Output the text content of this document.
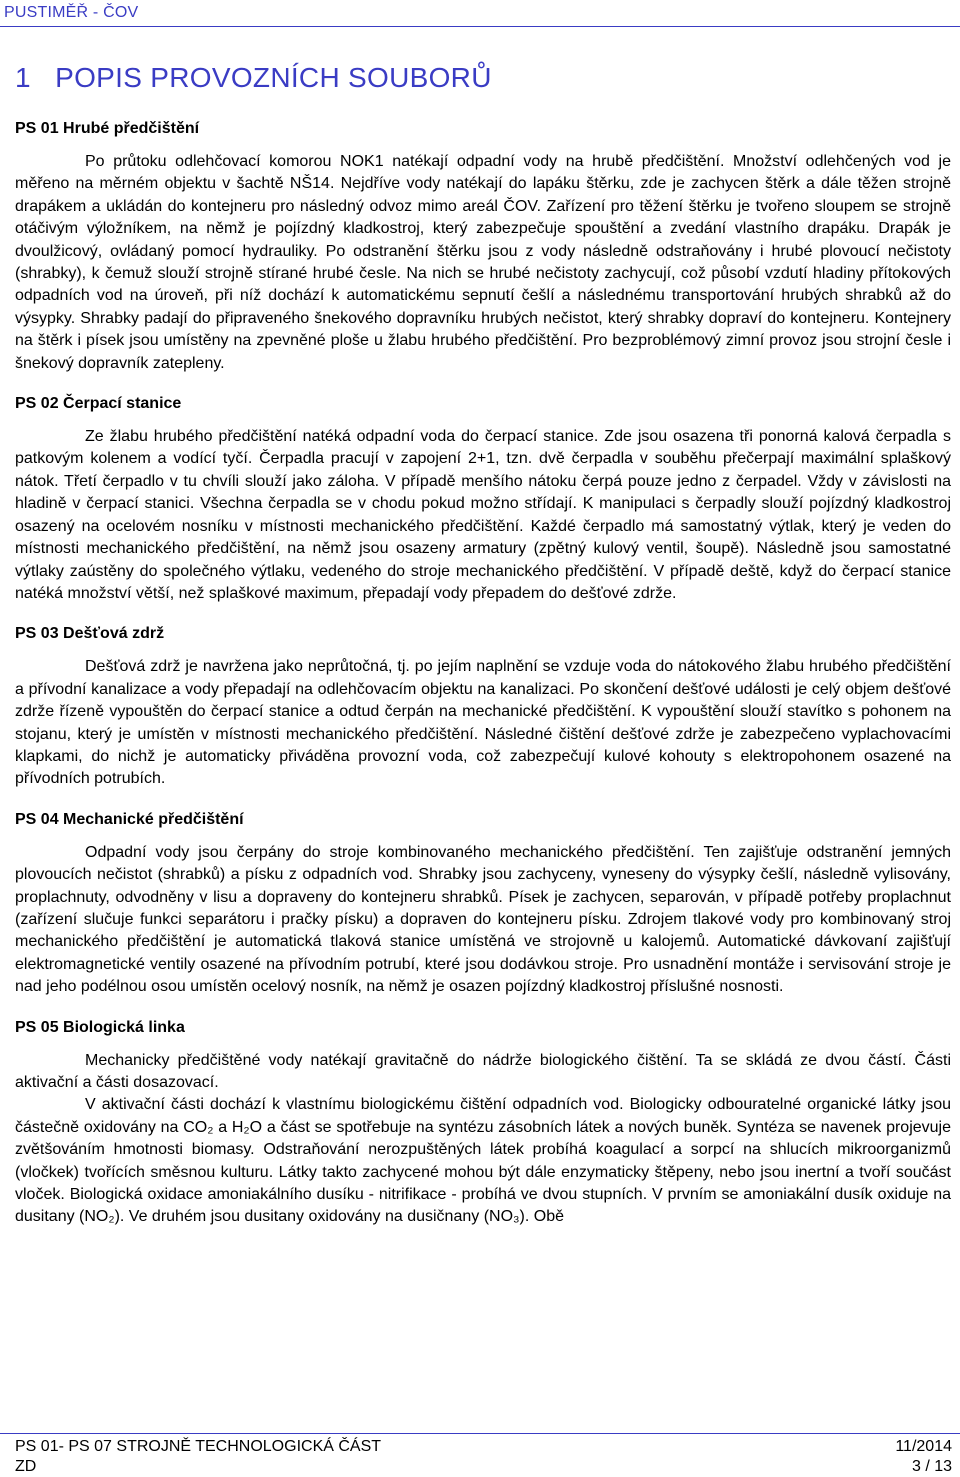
PUSTIMĚŘ - ČOV
1 POPIS PROVOZNÍCH SOUBORŮ
PS 01 Hrubé předčištění

Po průtoku odlehčovací komorou NOK1 natékají odpadní vody na hrubě předčištění. Množství odlehčených vod je měřeno na měrném objektu v šachtě NŠ14. Nejdříve vody natékají do lapáku štěrku, zde je zachycen štěrk a dále těžen strojně drapákem a ukládán do kontejneru pro následný odvoz mimo areál ČOV. Zařízení pro těžení štěrku je tvořeno sloupem se strojně otáčivým výložníkem, na němž je pojízdný kladkostroj, který zabezpečuje spouštění a zvedání vlastního drapáku. Drapák je dvoulžicový, ovládaný pomocí hydrauliky. Po odstranění štěrku jsou z vody následně odstraňovány i hrubé plovoucí nečistoty (shrabky), k čemuž slouží strojně stírané hrubé česle. Na nich se hrubé nečistoty zachycují, což působí vzdutí hladiny přítokových odpadních vod na úroveň, při níž dochází k automatickému sepnutí češlí a následnému transportování hrubých shrabků až do výsypky. Shrabky padají do připraveného šnekového dopravníku hrubých nečistot, který shrabky dopraví do kontejneru. Kontejnery na štěrk i písek jsou umístěny na zpevněné ploše u žlabu hrubého předčištění. Pro bezproblémový zimní provoz jsou strojní česle i šnekový dopravník zatepleny.

PS 02 Čerpací stanice

Ze žlabu hrubého předčištění natéká odpadní voda do čerpací stanice. Zde jsou osazena tři ponorná kalová čerpadla s patkovým kolenem a vodící tyčí. Čerpadla pracují v zapojení 2+1, tzn. dvě čerpadla v souběhu přečerpají maximální splaškový nátok. Třetí čerpadlo v tu chvíli slouží jako záloha. V případě menšího nátoku čerpá pouze jedno z čerpadel. Vždy v závislosti na hladině v čerpací stanici. Všechna čerpadla se v chodu pokud možno střídají. K manipulaci s čerpadly slouží pojízdný kladkostroj osazený na ocelovém nosníku v místnosti mechanického předčištění. Každé čerpadlo má samostatný výtlak, který je veden do místnosti mechanického předčištění, na němž jsou osazeny armatury (zpětný kulový ventil, šoupě). Následně jsou samostatné výtlaky zaústěny do společného výtlaku, vedeného do stroje mechanického předčištění. V případě deště, když do čerpací stanice natéká množství větší, než splaškové maximum, přepadají vody přepadem do dešťové zdrže.

PS 03 Dešťová zdrž

Dešťová zdrž je navržena jako neprůtočná, tj. po jejím naplnění se vzduje voda do nátokového žlabu hrubého předčištění a přívodní kanalizace a vody přepadají na odlehčovacím objektu na kanalizaci. Po skončení dešťové události je celý objem dešťové zdrže řízeně vypouštěn do čerpací stanice a odtud čerpán na mechanické předčištění. K vypouštění slouží stavítko s pohonem na stojanu, který je umístěn v místnosti mechanického předčištění. Následné čištění dešťové zdrže je zabezpečeno vyplachovacími klapkami, do nichž je automaticky přiváděna provozní voda, což zabezpečují kulové kohouty s elektropohonem osazené na přívodních potrubích.

PS 04 Mechanické předčištění

Odpadní vody jsou čerpány do stroje kombinovaného mechanického předčištění. Ten zajišťuje odstranění jemných plovoucích nečistot (shrabků) a písku z odpadních vod. Shrabky jsou zachyceny, vyneseny do výsypky češlí, následně vylisovány, proplachnuty, odvodněny v lisu a dopraveny do kontejneru shrabků. Písek je zachycen, separován, v případě potřeby proplachnut (zařízení slučuje funkci separátoru i pračky písku) a dopraven do kontejneru písku. Zdrojem tlakové vody pro kombinovaný stroj mechanického předčištění je automatická tlaková stanice umístěná ve strojovně u kalojemů. Automatické dávkovaní zajišťují elektromagnetické ventily osazené na přívodním potrubí, které jsou dodávkou stroje. Pro usnadnění montáže i servisování stroje je nad jeho podélnou osou umístěn ocelový nosník, na němž je osazen pojízdný kladkostroj příslušné nosnosti.

PS 05 Biologická linka

Mechanicky předčištěné vody natékají gravitačně do nádrže biologického čištění. Ta se skládá ze dvou částí. Části aktivační a části dosazovací.

V aktivační části dochází k vlastnímu biologickému čištění odpadních vod. Biologicky odbouratelné organické látky jsou částečně oxidovány na CO₂ a H₂O a část se spotřebuje na syntézu zásobních látek a nových buněk. Syntéza se navenek projevuje zvětšováním hmotnosti biomasy. Odstraňování nerozpuštěných látek probíhá koagulací a sorpcí na shlucích mikroorganizmů (vločkek) tvořících směsnou kulturu. Látky takto zachycené mohou být dále enzymaticky štěpeny, nebo jsou inertní a tvoří součást vloček. Biologická oxidace amoniakálního dusíku - nitrifikace - probíhá ve dvou stupních. V prvním se amoniakální dusík oxiduje na dusitany (NO₂). Ve druhém jsou dusitany oxidovány na dusičnany (NO₃). Obě

PS 01- PS 07 STROJNĚ TECHNOLOGICKÁ ČÁST
ZD
11/2014
3 / 13
